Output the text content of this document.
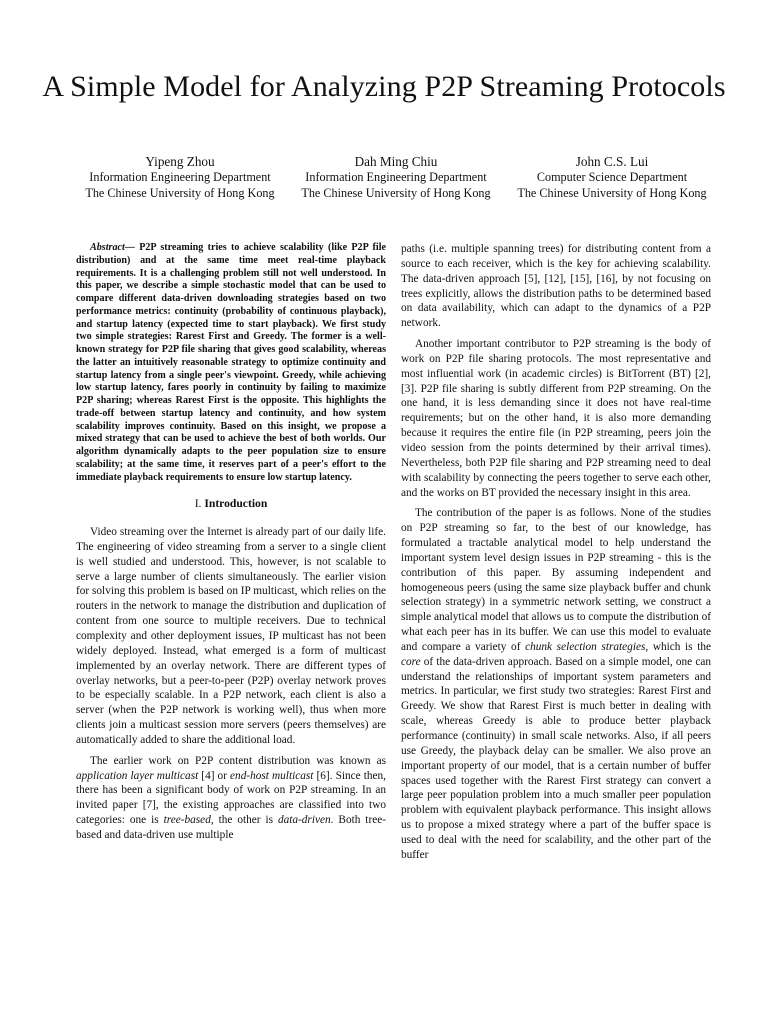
A Simple Model for Analyzing P2P Streaming Protocols
Yipeng Zhou
Information Engineering Department
The Chinese University of Hong Kong
Dah Ming Chiu
Information Engineering Department
The Chinese University of Hong Kong
John C.S. Lui
Computer Science Department
The Chinese University of Hong Kong

Abstract— P2P streaming tries to achieve scalability (like P2P file distribution) and at the same time meet real-time playback requirements. It is a challenging problem still not well understood. In this paper, we describe a simple stochastic model that can be used to compare different data-driven downloading strategies based on two performance metrics: continuity (probability of continuous playback), and startup latency (expected time to start playback). We first study two simple strategies: Rarest First and Greedy. The former is a well-known strategy for P2P file sharing that gives good scalability, whereas the latter an intuitively reasonable strategy to optimize continuity and startup latency from a single peer's viewpoint. Greedy, while achieving low startup latency, fares poorly in continuity by failing to maximize P2P sharing; whereas Rarest First is the opposite. This highlights the trade-off between startup latency and continuity, and how system scalability improves continuity. Based on this insight, we propose a mixed strategy that can be used to achieve the best of both worlds. Our algorithm dynamically adapts to the peer population size to ensure scalability; at the same time, it reserves part of a peer's effort to the immediate playback requirements to ensure low startup latency.

I. Introduction

Video streaming over the Internet is already part of our daily life. The engineering of video streaming from a server to a single client is well studied and understood. This, however, is not scalable to serve a large number of clients simultaneously. The earlier vision for solving this problem is based on IP multicast, which relies on the routers in the network to manage the distribution and duplication of content from one source to multiple receivers. Due to technical complexity and other deployment issues, IP multicast has not been widely deployed. Instead, what emerged is a form of multicast implemented by an overlay network. There are different types of overlay networks, but a peer-to-peer (P2P) overlay network proves to be especially scalable. In a P2P network, each client is also a server (when the P2P network is working well), thus when more clients join a multicast session more servers (peers themselves) are automatically added to share the additional load.

The earlier work on P2P content distribution was known as application layer multicast [4] or end-host multicast [6]. Since then, there has been a significant body of work on P2P streaming. In an invited paper [7], the existing approaches are classified into two categories: one is tree-based, the other is data-driven. Both tree-based and data-driven use multiple

paths (i.e. multiple spanning trees) for distributing content from a source to each receiver, which is the key for achieving scalability. The data-driven approach [5], [12], [15], [16], by not focusing on trees explicitly, allows the distribution paths to be determined based on data availability, which can adapt to the dynamics of a P2P network.

Another important contributor to P2P streaming is the body of work on P2P file sharing protocols. The most representative and most influential work (in academic circles) is BitTorrent (BT) [2], [3]. P2P file sharing is subtly different from P2P streaming. On the one hand, it is less demanding since it does not have real-time requirements; but on the other hand, it is also more demanding because it requires the entire file (in P2P streaming, peers join the video session from the points determined by their arrival times). Nevertheless, both P2P file sharing and P2P streaming need to deal with scalability by connecting the peers together to serve each other, and the works on BT provided the necessary insight in this area.

The contribution of the paper is as follows. None of the studies on P2P streaming so far, to the best of our knowledge, has formulated a tractable analytical model to help understand the important system level design issues in P2P streaming - this is the contribution of this paper. By assuming independent and homogeneous peers (using the same size playback buffer and chunk selection strategy) in a symmetric network setting, we construct a simple analytical model that allows us to compute the distribution of what each peer has in its buffer. We can use this model to evaluate and compare a variety of chunk selection strategies, which is the core of the data-driven approach. Based on a simple model, one can understand the relationships of important system parameters and metrics. In particular, we first study two strategies: Rarest First and Greedy. We show that Rarest First is much better in dealing with scale, whereas Greedy is able to produce better playback performance (continuity) in small scale networks. Also, if all peers use Greedy, the playback delay can be smaller. We also prove an important property of our model, that is a certain number of buffer spaces used together with the Rarest First strategy can convert a large peer population problem into a much smaller peer population problem with equivalent playback performance. This insight allows us to propose a mixed strategy where a part of the buffer space is used to deal with the need for scalability, and the other part of the buffer
